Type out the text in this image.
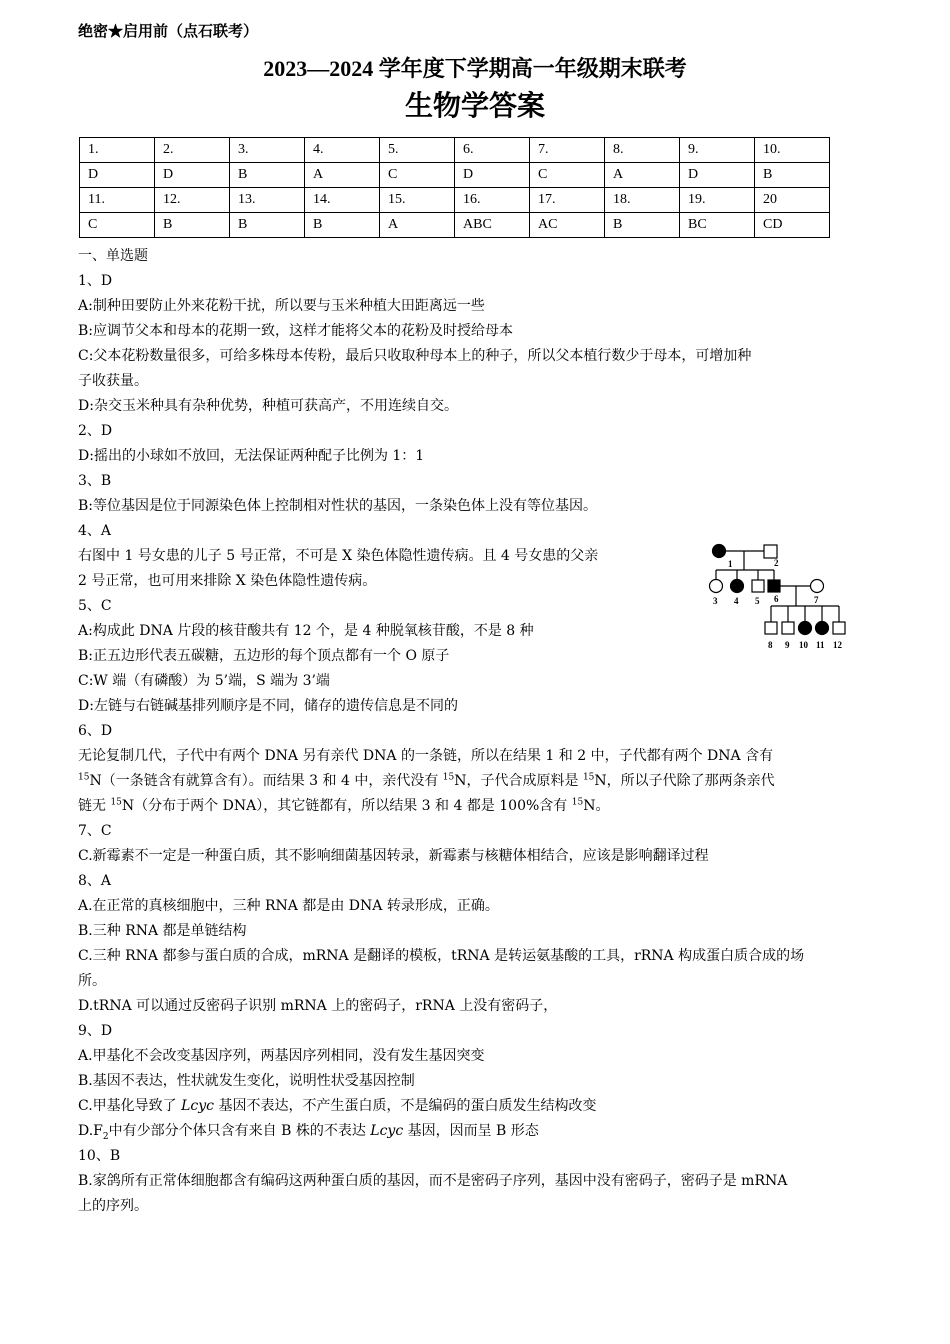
绝密★启用前（点石联考）
2023—2024 学年度下学期高一年级期末联考
生物学答案
1.	2.	3.	4.	5.	6.	7.	8.	9.	10.
D	D	B	A	C	D	C	A	D	B
11.	12.	13.	14.	15.	16.	17.	18.	19.	20
C	B	B	B	A	ABC	AC	B	BC	CD

一、单选题

1、D

A:制种田要防止外来花粉干扰，所以要与玉米种植大田距离远一些

B:应调节父本和母本的花期一致，这样才能将父本的花粉及时授给母本

C:父本花粉数量很多，可给多株母本传粉，最后只收取种母本上的种子，所以父本植行数少于母本，可增加种

子收获量。

D:杂交玉米种具有杂种优势，种植可获高产，不用连续自交。

2、D

D:摇出的小球如不放回，无法保证两种配子比例为 1：1

3、B

B:等位基因是位于同源染色体上控制相对性状的基因，一条染色体上没有等位基因。

4、A

右图中 1 号女患的儿子 5 号正常，不可是 X 染色体隐性遗传病。且 4 号女患的父亲

2 号正常，也可用来排除 X 染色体隐性遗传病。

5、C

A:构成此 DNA 片段的核苷酸共有 12 个，是 4 种脱氧核苷酸，不是 8 种

B:正五边形代表五碳糖，五边形的每个顶点都有一个 O 原子

C:W 端（有磷酸）为 5’端，S 端为 3’端

D:左链与右链碱基排列顺序是不同，储存的遗传信息是不同的

6、D

无论复制几代，子代中有两个 DNA 另有亲代 DNA 的一条链，所以在结果 1 和 2 中，子代都有两个 DNA 含有

$^{15}$N（一条链含有就算含有）。而结果 3 和 4 中，亲代没有 $^{15}$N，子代合成原料是 $^{15}$N，所以子代除了那两条亲代

链无 $^{15}$N（分布于两个 DNA），其它链都有，所以结果 3 和 4 都是 100%含有 $^{15}$N。

7、C

C.新霉素不一定是一种蛋白质，其不影响细菌基因转录，新霉素与核糖体相结合，应该是影响翻译过程

8、A

A.在正常的真核细胞中，三种 RNA 都是由 DNA 转录形成，正确。

B.三种 RNA 都是单链结构

C.三种 RNA 都参与蛋白质的合成，mRNA 是翻译的模板，tRNA 是转运氨基酸的工具，rRNA 构成蛋白质合成的场

所。

D.tRNA 可以通过反密码子识别 mRNA 上的密码子，rRNA 上没有密码子，

9、D

A.甲基化不会改变基因序列，两基因序列相同，没有发生基因突变

B.基因不表达，性状就发生变化，说明性状受基因控制

C.甲基化导致了 Lcyc 基因不表达，不产生蛋白质，不是编码的蛋白质发生结构改变

$D.F_2$中有少部分个体只含有来自 B 株的不表达 Lcyc 基因，因而呈 B 形态

10、B

B.家鸽所有正常体细胞都含有编码这两种蛋白质的基因，而不是密码子序列，基因中没有密码子，密码子是 mRNA

上的序列。

1	2
3 4 5 6	7
8 9 10 11 12
